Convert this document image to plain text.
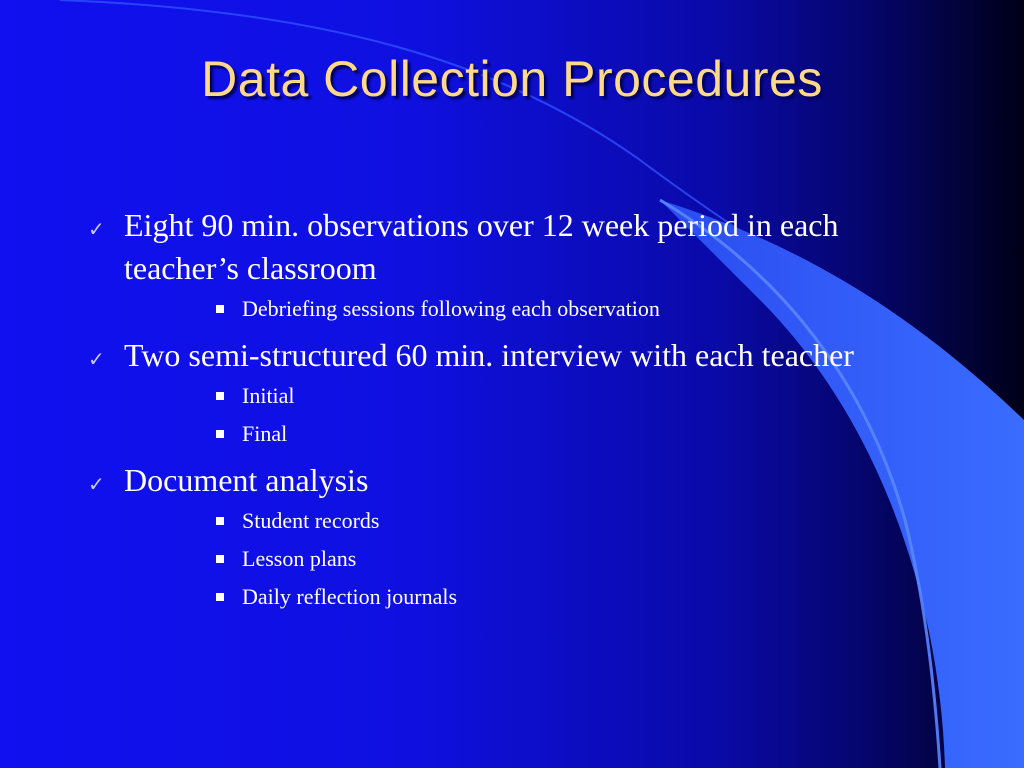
Data Collection Procedures
✓ Eight 90 min. observations over 12 week period in each teacher’s classroom
Debriefing sessions following each observation
✓ Two semi-structured 60 min. interview with each teacher
Initial
Final
✓ Document analysis
Student records
Lesson plans
Daily reflection journals
